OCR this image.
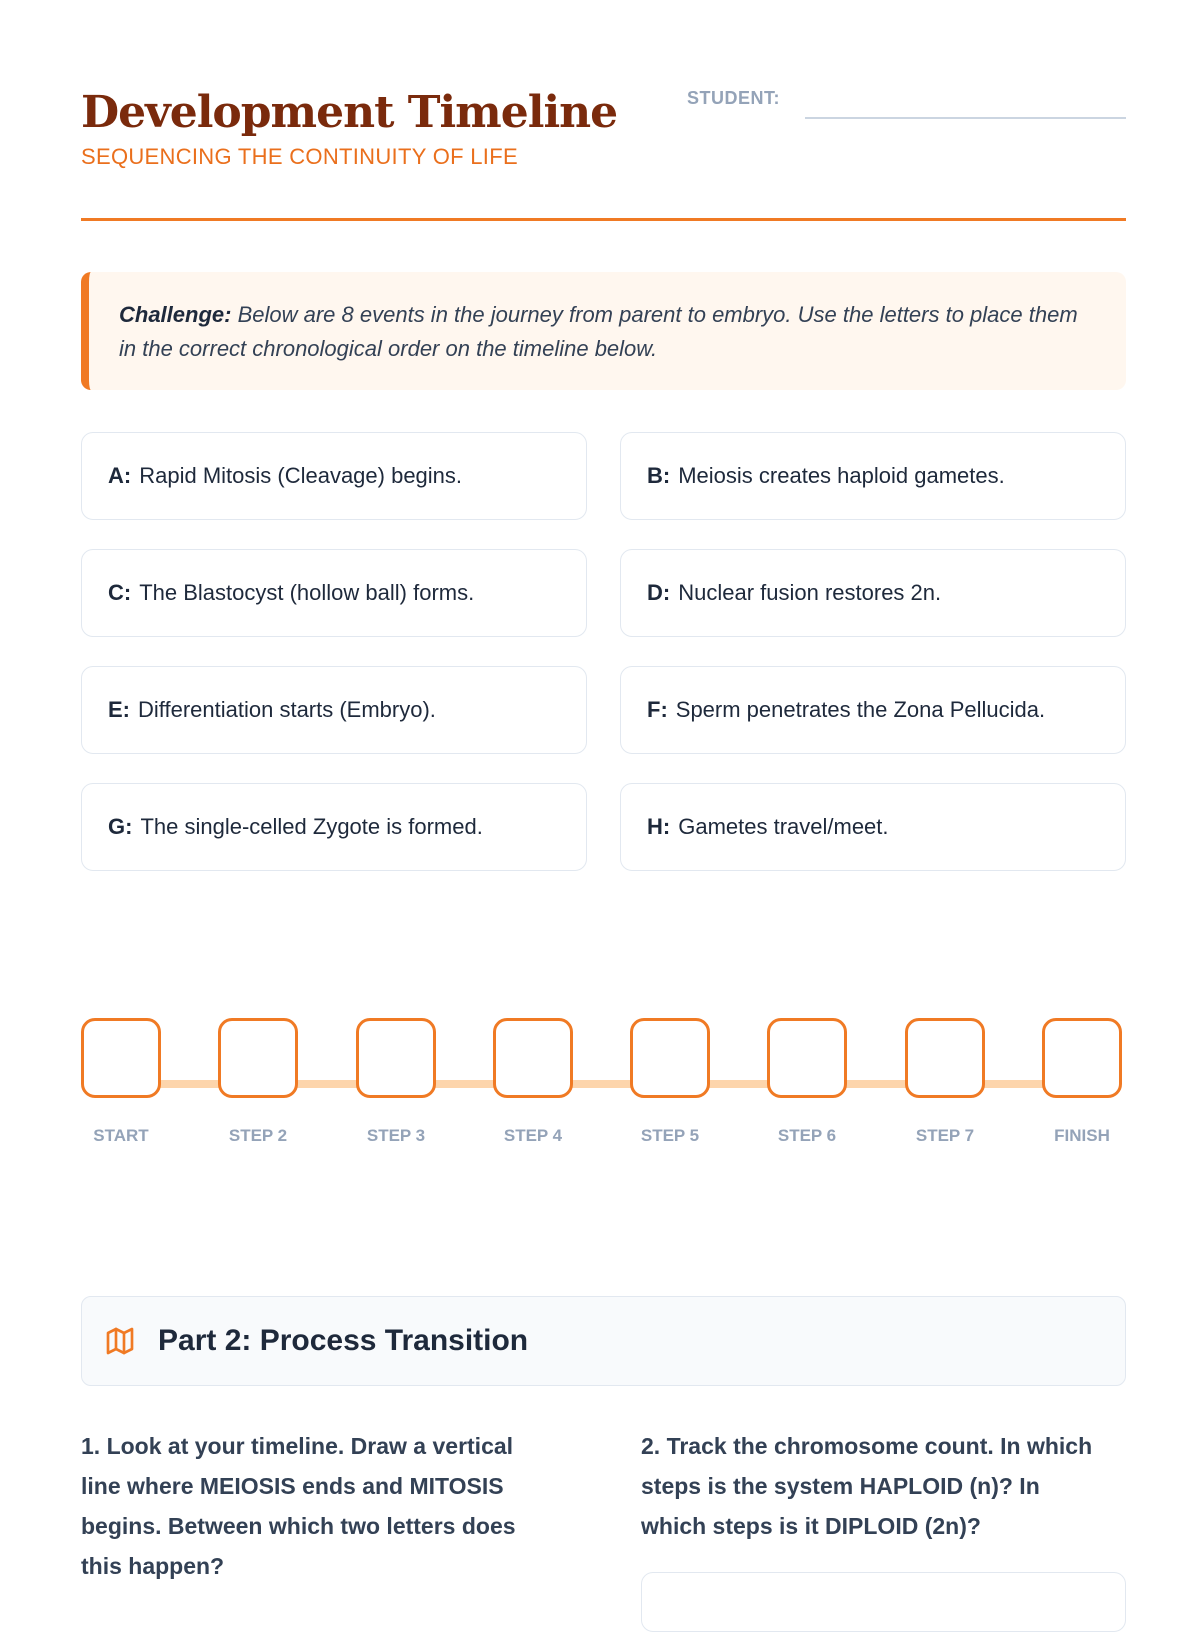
Development Timeline
SEQUENCING THE CONTINUITY OF LIFE
STUDENT:
Challenge: Below are 8 events in the journey from parent to embryo. Use the letters to place them in the correct chronological order on the timeline below.
A: Rapid Mitosis (Cleavage) begins.	B: Meiosis creates haploid gametes.
C: The Blastocyst (hollow ball) forms.	D: Nuclear fusion restores 2n.
E: Differentiation starts (Embryo).	F: Sperm penetrates the Zona Pellucida.
G: The single-celled Zygote is formed.	H: Gametes travel/meet.
START	STEP 2	STEP 3	STEP 4	STEP 5	STEP 6	STEP 7	FINISH
Part 2: Process Transition
1. Look at your timeline. Draw a vertical line where MEIOSIS ends and MITOSIS begins. Between which two letters does this happen?
2. Track the chromosome count. In which steps is the system HAPLOID (n)? In which steps is it DIPLOID (2n)?
